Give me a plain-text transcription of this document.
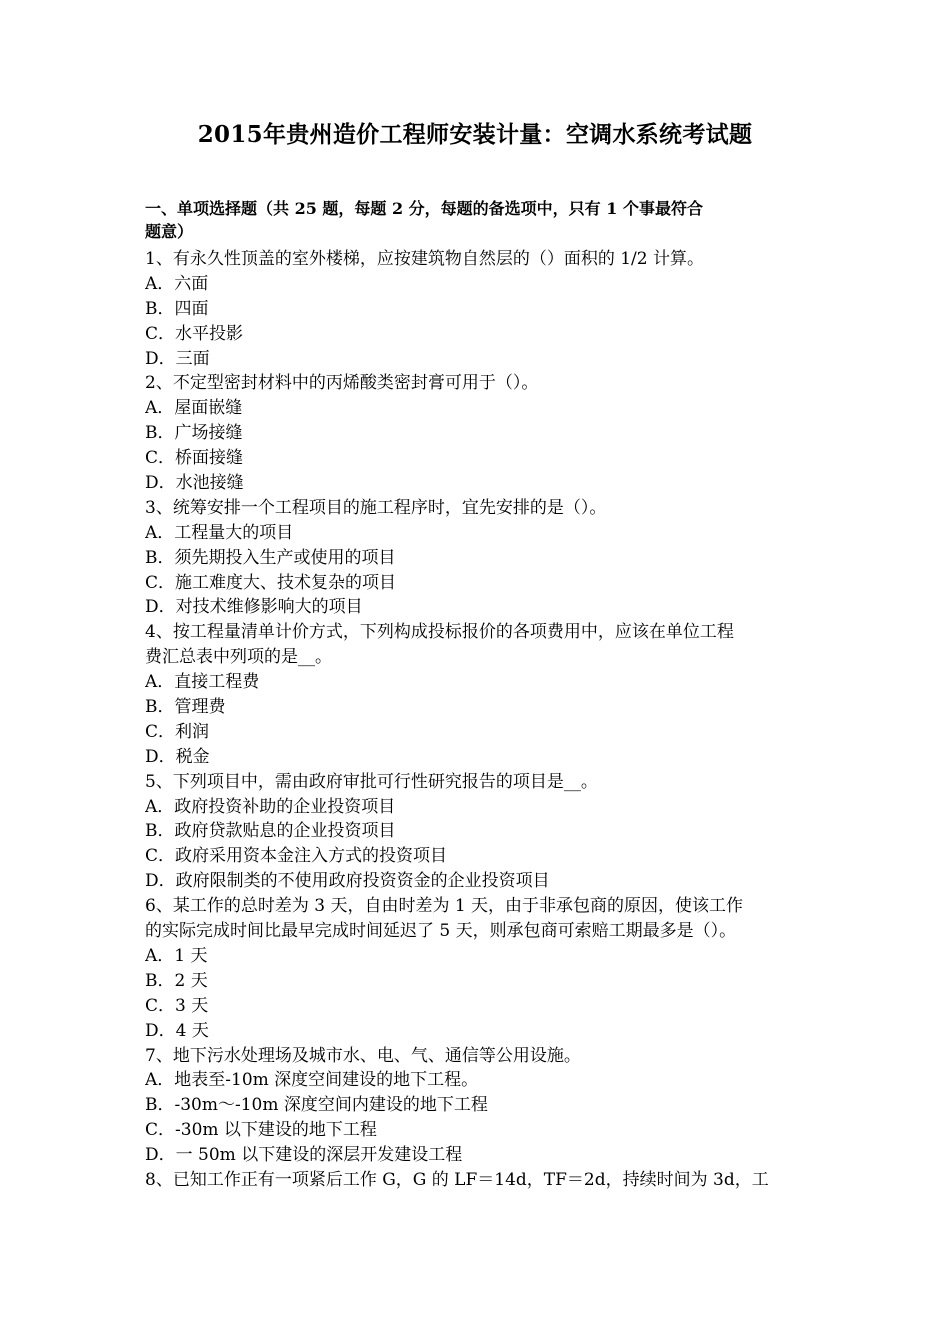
2015年贵州造价工程师安装计量：空调水系统考试题
一、单项选择题（共 25 题，每题 2 分，每题的备选项中，只有 1 个事最符合
题意）
1、有永久性顶盖的室外楼梯，应按建筑物自然层的（）面积的 1/2 计算。
A．六面
B．四面
C．水平投影
D．三面
2、不定型密封材料中的丙烯酸类密封膏可用于（）。
A．屋面嵌缝
B．广场接缝
C．桥面接缝
D．水池接缝
3、统筹安排一个工程项目的施工程序时，宜先安排的是（）。
A．工程量大的项目
B．须先期投入生产或使用的项目
C．施工难度大、技术复杂的项目
D．对技术维修影响大的项目
4、按工程量清单计价方式，下列构成投标报价的各项费用中，应该在单位工程
费汇总表中列项的是__。
A．直接工程费
B．管理费
C．利润
D．税金
5、下列项目中，需由政府审批可行性研究报告的项目是__。
A．政府投资补助的企业投资项目
B．政府贷款贴息的企业投资项目
C．政府采用资本金注入方式的投资项目
D．政府限制类的不使用政府投资资金的企业投资项目
6、某工作的总时差为 3 天，自由时差为 1 天，由于非承包商的原因，使该工作
的实际完成时间比最早完成时间延迟了 5 天，则承包商可索赔工期最多是（）。
A．1 天
B．2 天
C．3 天
D．4 天
7、地下污水处理场及城市水、电、气、通信等公用设施。
A．地表至-10m 深度空间建设的地下工程。
B．-30m～-10m 深度空间内建设的地下工程
C．-30m 以下建设的地下工程
D．一 50m 以下建设的深层开发建设工程
8、已知工作正有一项紧后工作 G，G 的 LF＝14d，TF＝2d，持续时间为 3d，工
